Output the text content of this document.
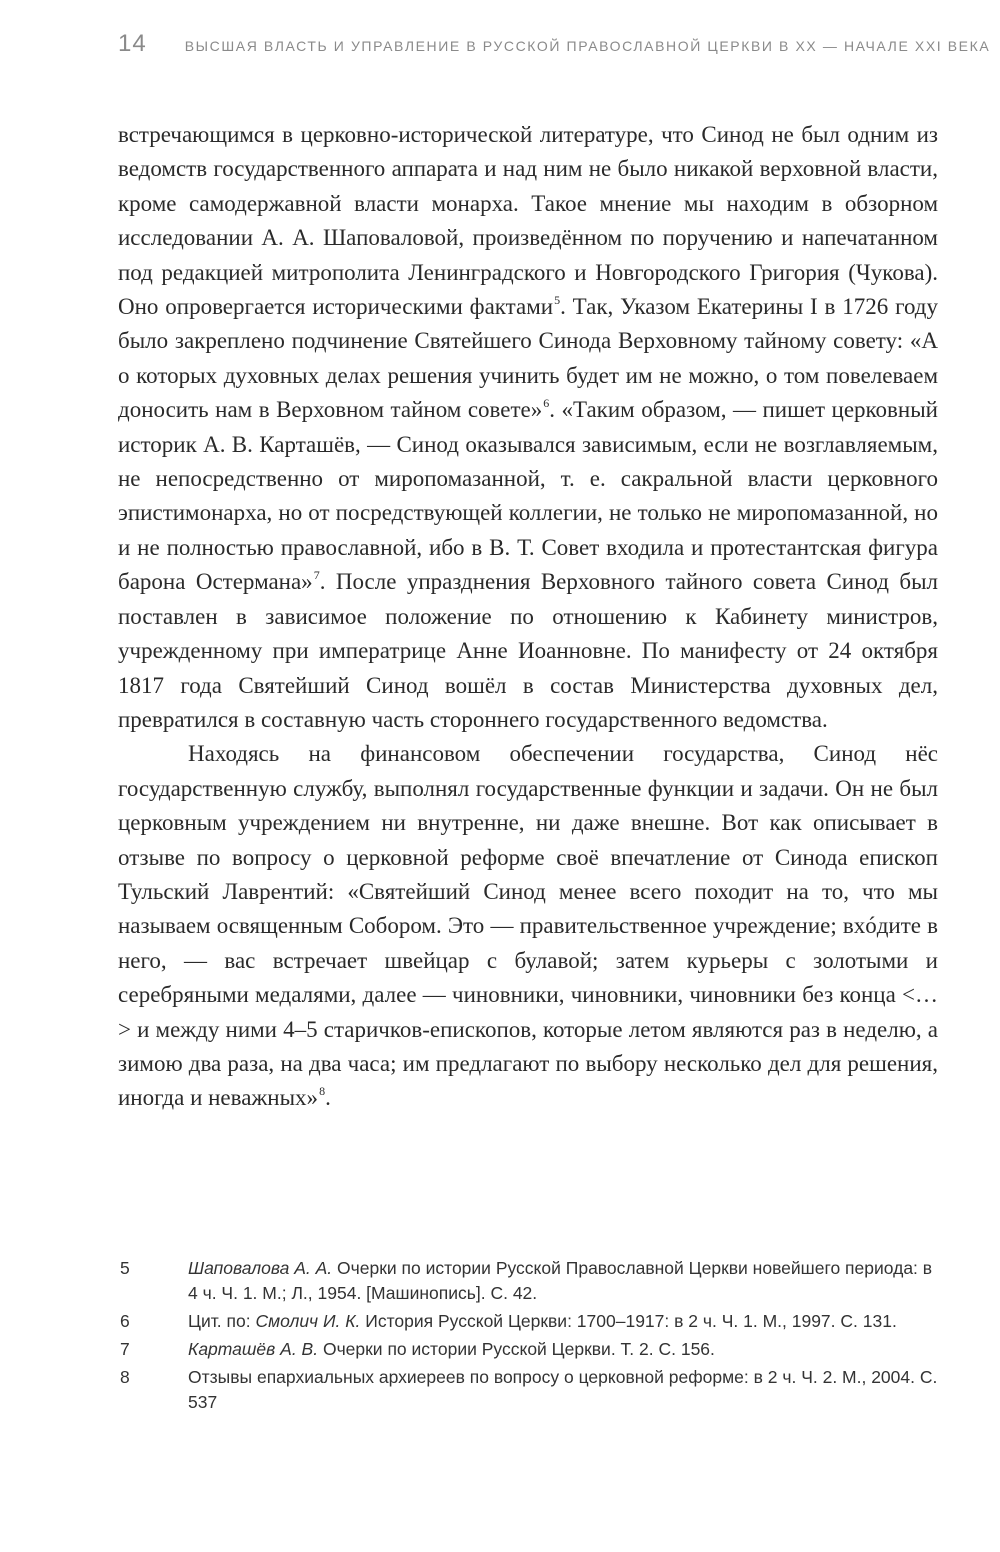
14	ВЫСШАЯ ВЛАСТЬ И УПРАВЛЕНИЕ В РУССКОЙ ПРАВОСЛАВНОЙ ЦЕРКВИ В XX — НАЧАЛЕ XXI ВЕКА

встречающимся в церковно-исторической литературе, что Синод не был одним из ведомств государственного аппарата и над ним не было никакой верховной власти, кроме самодержавной власти монарха. Такое мнение мы находим в обзорном исследовании А. А. Шаповаловой, произведённом по поручению и напечатанном под редакцией митрополита Ленинградского и Новгородского Григория (Чукова). Оно опровергается историческими фактами$^5$. Так, Указом Екатерины I в 1726 году было закреплено подчинение Святейшего Синода Верховному тайному совету: «А о которых духовных делах решения учинить будет им не можно, о том повелеваем доносить нам в Верховном тайном совете»$^6$. «Таким образом, — пишет церковный историк А. В. Карташёв, — Синод оказывался зависимым, если не возглавляемым, не непосредственно от миропомазанной, т. е. сакральной власти церковного эпистимонарха, но от посредствующей коллегии, не только не миропомазанной, но и не полностью православной, ибо в В. Т. Совет входила и протестантская фигура барона Остермана»$^7$. После упразднения Верховного тайного совета Синод был поставлен в зависимое положение по отношению к Кабинету министров, учрежденному при императрице Анне Иоанновне. По манифесту от 24 октября 1817 года Святейший Синод вошёл в состав Министерства духовных дел, превратился в составную часть стороннего государственного ведомства.

Находясь на финансовом обеспечении государства, Синод нёс государственную службу, выполнял государственные функции и задачи. Он не был церковным учреждением ни внутренне, ни даже внешне. Вот как описывает в отзыве по вопросу о церковной реформе своё впечатление от Синода епископ Тульский Лаврентий: «Святейший Синод менее всего походит на то, что мы называем освященным Собором. Это — правительственное учреждение; вхóдите в него, — вас встречает швейцар с булавой; затем курьеры с золотыми и серебряными медалями, далее — чиновники, чиновники, чиновники без конца <…> и между ними 4–5 старичков-епископов, которые летом являются раз в неделю, а зимою два раза, на два часа; им предлагают по выбору несколько дел для решения, иногда и неважных»$^8$.

5	Шаповалова А. А. Очерки по истории Русской Православной Церкви новейшего периода: в 4 ч. Ч. 1. М.; Л., 1954. [Машинопись]. С. 42.
6	Цит. по: Смолич И. К. История Русской Церкви: 1700–1917: в 2 ч. Ч. 1. М., 1997. С. 131.
7	Карташёв А. В. Очерки по истории Русской Церкви. Т. 2. С. 156.
8	Отзывы епархиальных архиереев по вопросу о церковной реформе: в 2 ч. Ч. 2. М., 2004. С. 537
